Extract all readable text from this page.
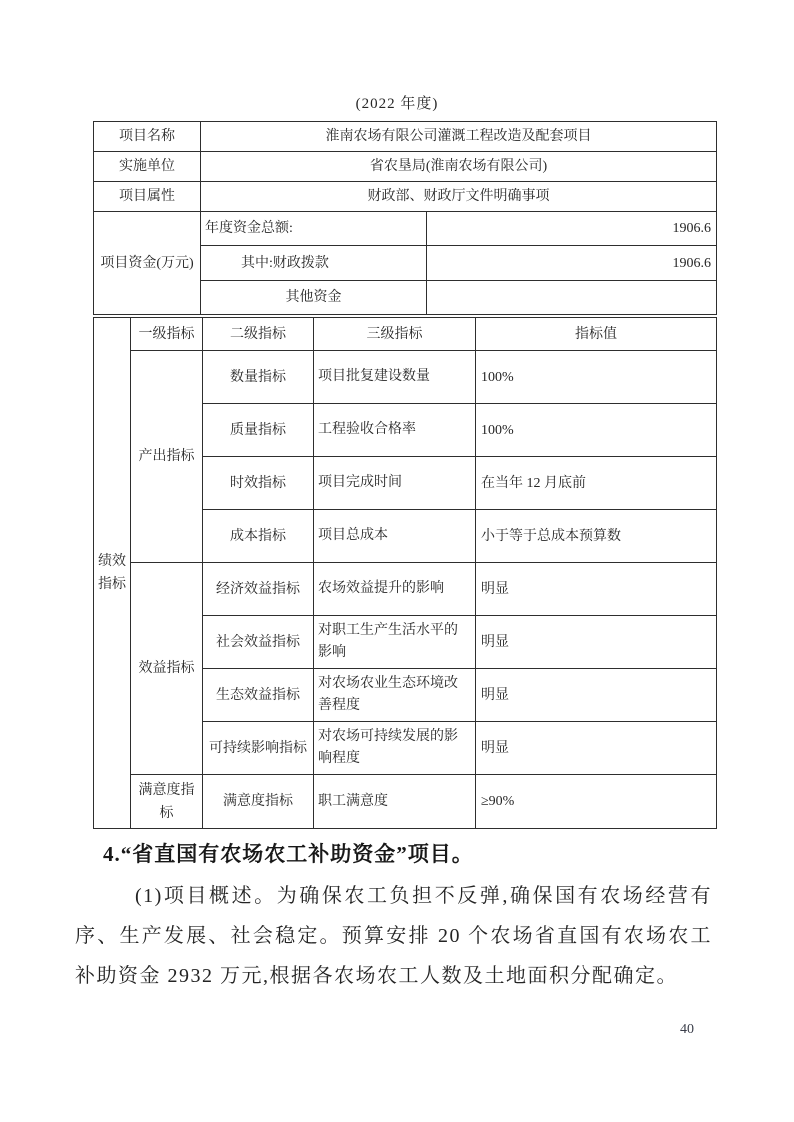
(2022 年度)
项目名称	淮南农场有限公司灌溉工程改造及配套项目	
实施单位	省农垦局(淮南农场有限公司)	
项目属性	财政部、财政厅文件明确事项	
项目资金(万元)	年度资金总额:	1906.6
	其中:财政拨款	1906.6
	其他资金	
绩效指标	一级指标	二级指标	三级指标	指标值
	产出指标	数量指标	项目批复建设数量	100%
		质量指标	工程验收合格率	100%
		时效指标	项目完成时间	在当年 12 月底前
		成本指标	项目总成本	小于等于总成本预算数
	效益指标	经济效益指标	农场效益提升的影响	明显
		社会效益指标	对职工生产生活水平的影响	明显
		生态效益指标	对农场农业生态环境改善程度	明显
		可持续影响指标	对农场可持续发展的影响程度	明显
	满意度指标	满意度指标	职工满意度	≥90%
4.“省直国有农场农工补助资金”项目。
(1)项目概述。为确保农工负担不反弹,确保国有农场经营有序、生产发展、社会稳定。预算安排 20 个农场省直国有农场农工补助资金 2932 万元,根据各农场农工人数及土地面积分配确定。
40
